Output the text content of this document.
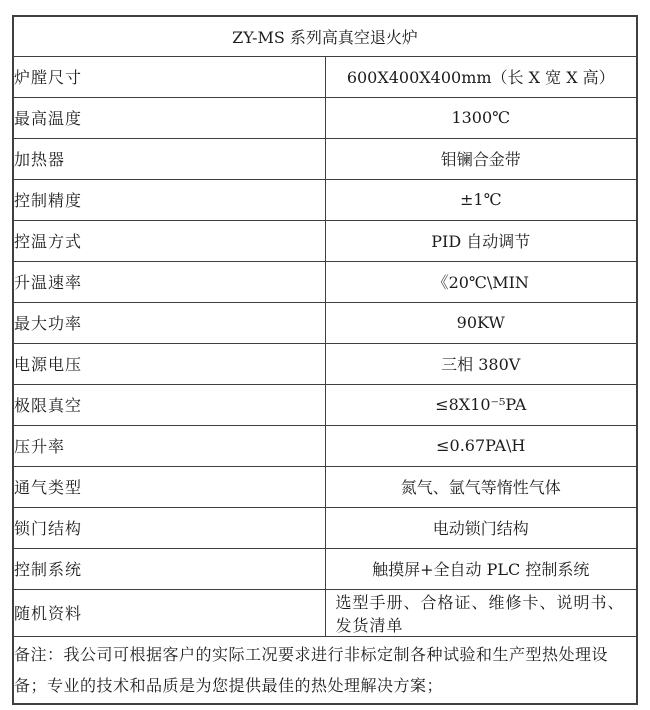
ZY-MS 系列高真空退火炉	
炉膛尺寸	600X400X400mm（长 X 宽 X 高）
最高温度	1300℃
加热器	钼镧合金带
控制精度	±1℃
控温方式	PID 自动调节
升温速率	《20℃\MIN
最大功率	90KW
电源电压	三相 380V
极限真空	≤8X10⁻⁵PA
压升率	≤0.67PA\H
通气类型	氮气、氩气等惰性气体
锁门结构	电动锁门结构
控制系统	触摸屏+全自动 PLC 控制系统
随机资料	选型手册、合格证、维修卡、说明书、发货清单
备注：我公司可根据客户的实际工况要求进行非标定制各种试验和生产型热处理设备；专业的技术和品质是为您提供最佳的热处理解决方案；	
